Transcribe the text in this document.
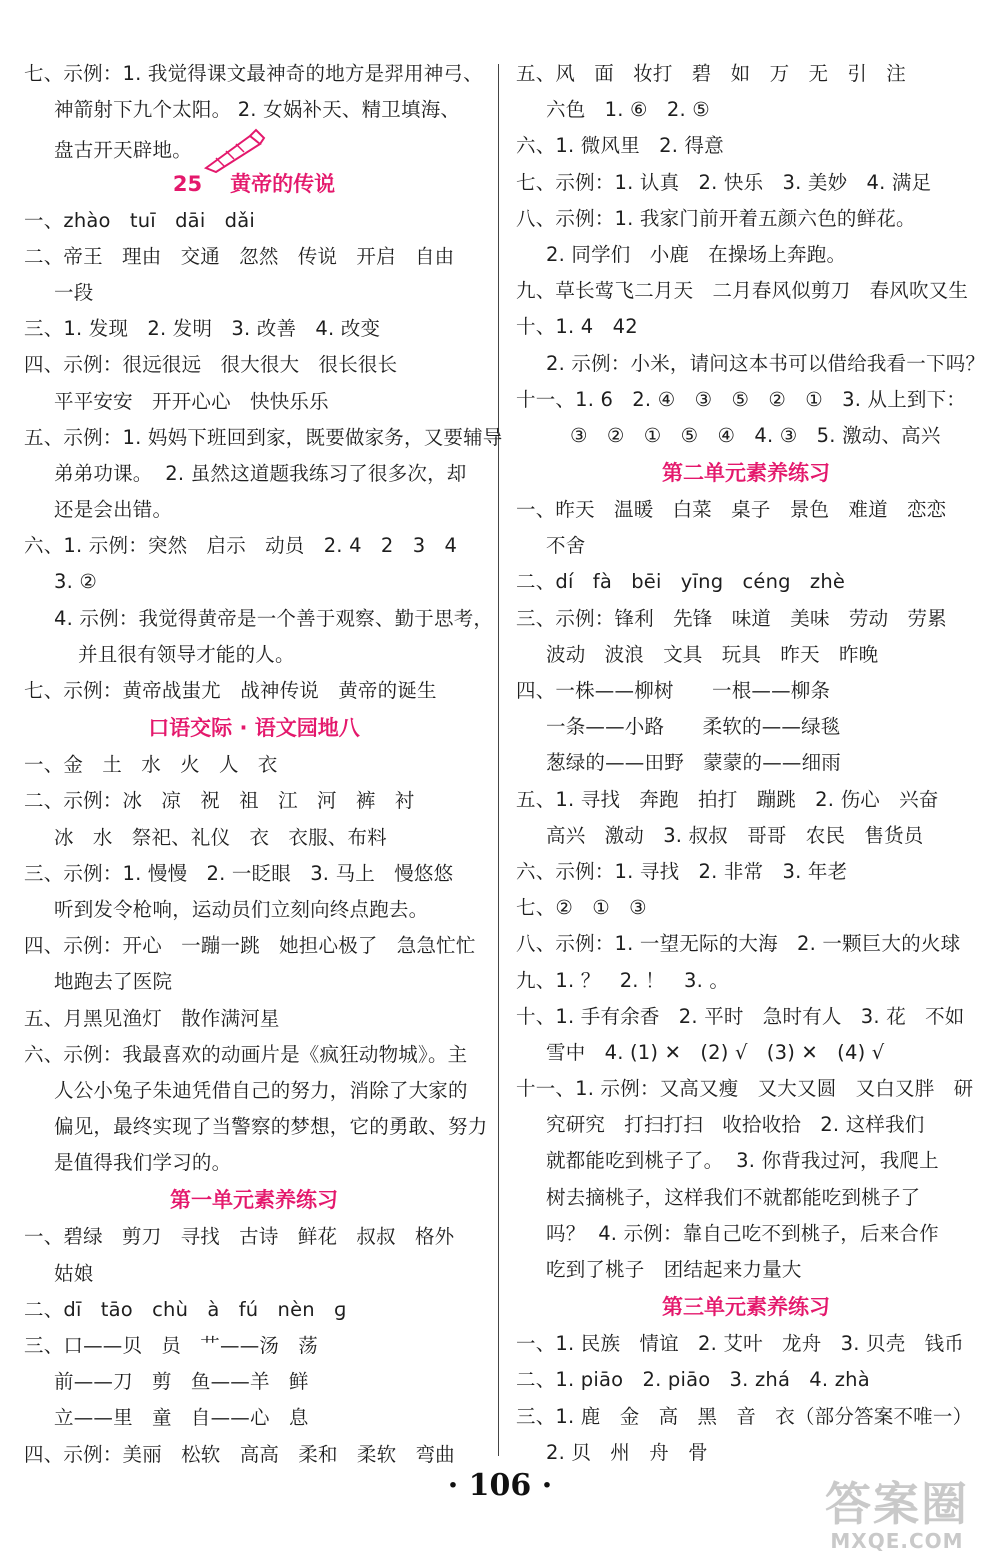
七、示例：1. 我觉得课文最神奇的地方是羿用神弓、
神箭射下九个太阳。 2. 女娲补天、精卫填海、
盘古开天辟地。
25 黄帝的传说
一、zhào   tuī   dāi   dǎi
二、帝王   理由   交通   忽然   传说   开启   自由
一段
三、1. 发现   2. 发明   3. 改善   4. 改变
四、示例：很远很远   很大很大   很长很长
平平安安   开开心心   快快乐乐
五、示例：1. 妈妈下班回到家，既要做家务，又要辅导
弟弟功课。  2. 虽然这道题我练习了很多次，却
还是会出错。
六、1. 示例：突然   启示   动员   2. 4   2   3   4
3. ②
4. 示例：我觉得黄帝是一个善于观察、勤于思考，
并且很有领导才能的人。
七、示例：黄帝战蚩尤   战神传说   黄帝的诞生
口语交际 · 语文园地八
一、金   土   水   火   人   衣
二、示例：冰   凉   祝   祖   江   河   裤   衬
冰   水   祭祀、礼仪   衣   衣服、布料
三、示例：1. 慢慢   2. 一眨眼   3. 马上   慢悠悠
听到发令枪响，运动员们立刻向终点跑去。
四、示例：开心   一蹦一跳   她担心极了   急急忙忙
地跑去了医院
五、月黑见渔灯   散作满河星
六、示例：我最喜欢的动画片是《疯狂动物城》。主
人公小兔子朱迪凭借自己的努力，消除了大家的
偏见，最终实现了当警察的梦想，它的勇敢、努力
是值得我们学习的。
第一单元素养练习
一、碧绿   剪刀   寻找   古诗   鲜花   叔叔   格外
姑娘
二、dī   tāo   chù   à   fú   nèn   ɡ
三、口——贝   员   艹——汤   荡
前——刀   剪   鱼——羊   鲜
立——里   童   自——心   息
四、示例：美丽   松软   高高   柔和   柔软   弯曲
五、风   面   妆打   碧   如   万   无   引   注
六色   1. ⑥   2. ⑤
六、1. 微风里   2. 得意
七、示例：1. 认真   2. 快乐   3. 美妙   4. 满足
八、示例：1. 我家门前开着五颜六色的鲜花。
2. 同学们   小鹿   在操场上奔跑。
九、草长莺飞二月天   二月春风似剪刀   春风吹又生
十、1. 4   42
2. 示例：小米，请问这本书可以借给我看一下吗？
十一、1. 6   2. ④   ③   ⑤   ②   ①   3. 从上到下：
③   ②   ①   ⑤   ④   4. ③   5. 激动、高兴
第二单元素养练习
一、昨天   温暖   白菜   桌子   景色   难道   恋恋
不舍
二、dí   fà   bēi   yīng   céng   zhè
三、示例：锋利   先锋   味道   美味   劳动   劳累
波动   波浪   文具   玩具   昨天   昨晚
四、一株——柳树      一根——柳条
一条——小路      柔软的——绿毯
葱绿的——田野   蒙蒙的——细雨
五、1. 寻找   奔跑   拍打   蹦跳   2. 伤心   兴奋
高兴   激动   3. 叔叔   哥哥   农民   售货员
六、示例：1. 寻找   2. 非常   3. 年老
七、②   ①   ③
八、示例：1. 一望无际的大海   2. 一颗巨大的火球
九、1. ？   2. ！   3. 。
十、1. 手有余香   2. 平时   急时有人   3. 花   不如
雪中   4. (1) ✕   (2) √   (3) ✕   (4) √
十一、1. 示例：又高又瘦   又大又圆   又白又胖   研
究研究   打扫打扫   收拾收拾   2. 这样我们
就都能吃到桃子了。  3. 你背我过河，我爬上
树去摘桃子，这样我们不就都能吃到桃子了
吗？  4. 示例：靠自己吃不到桃子，后来合作
吃到了桃子   团结起来力量大
第三单元素养练习
一、1. 民族   情谊   2. 艾叶   龙舟   3. 贝壳   钱币
二、1. piāo   2. piāo   3. zhá   4. zhà
三、1. 鹿   金   高   黑   音   衣（部分答案不唯一）
2. 贝   州   舟   骨
· 106 ·	答案圈
MXQE.COM
